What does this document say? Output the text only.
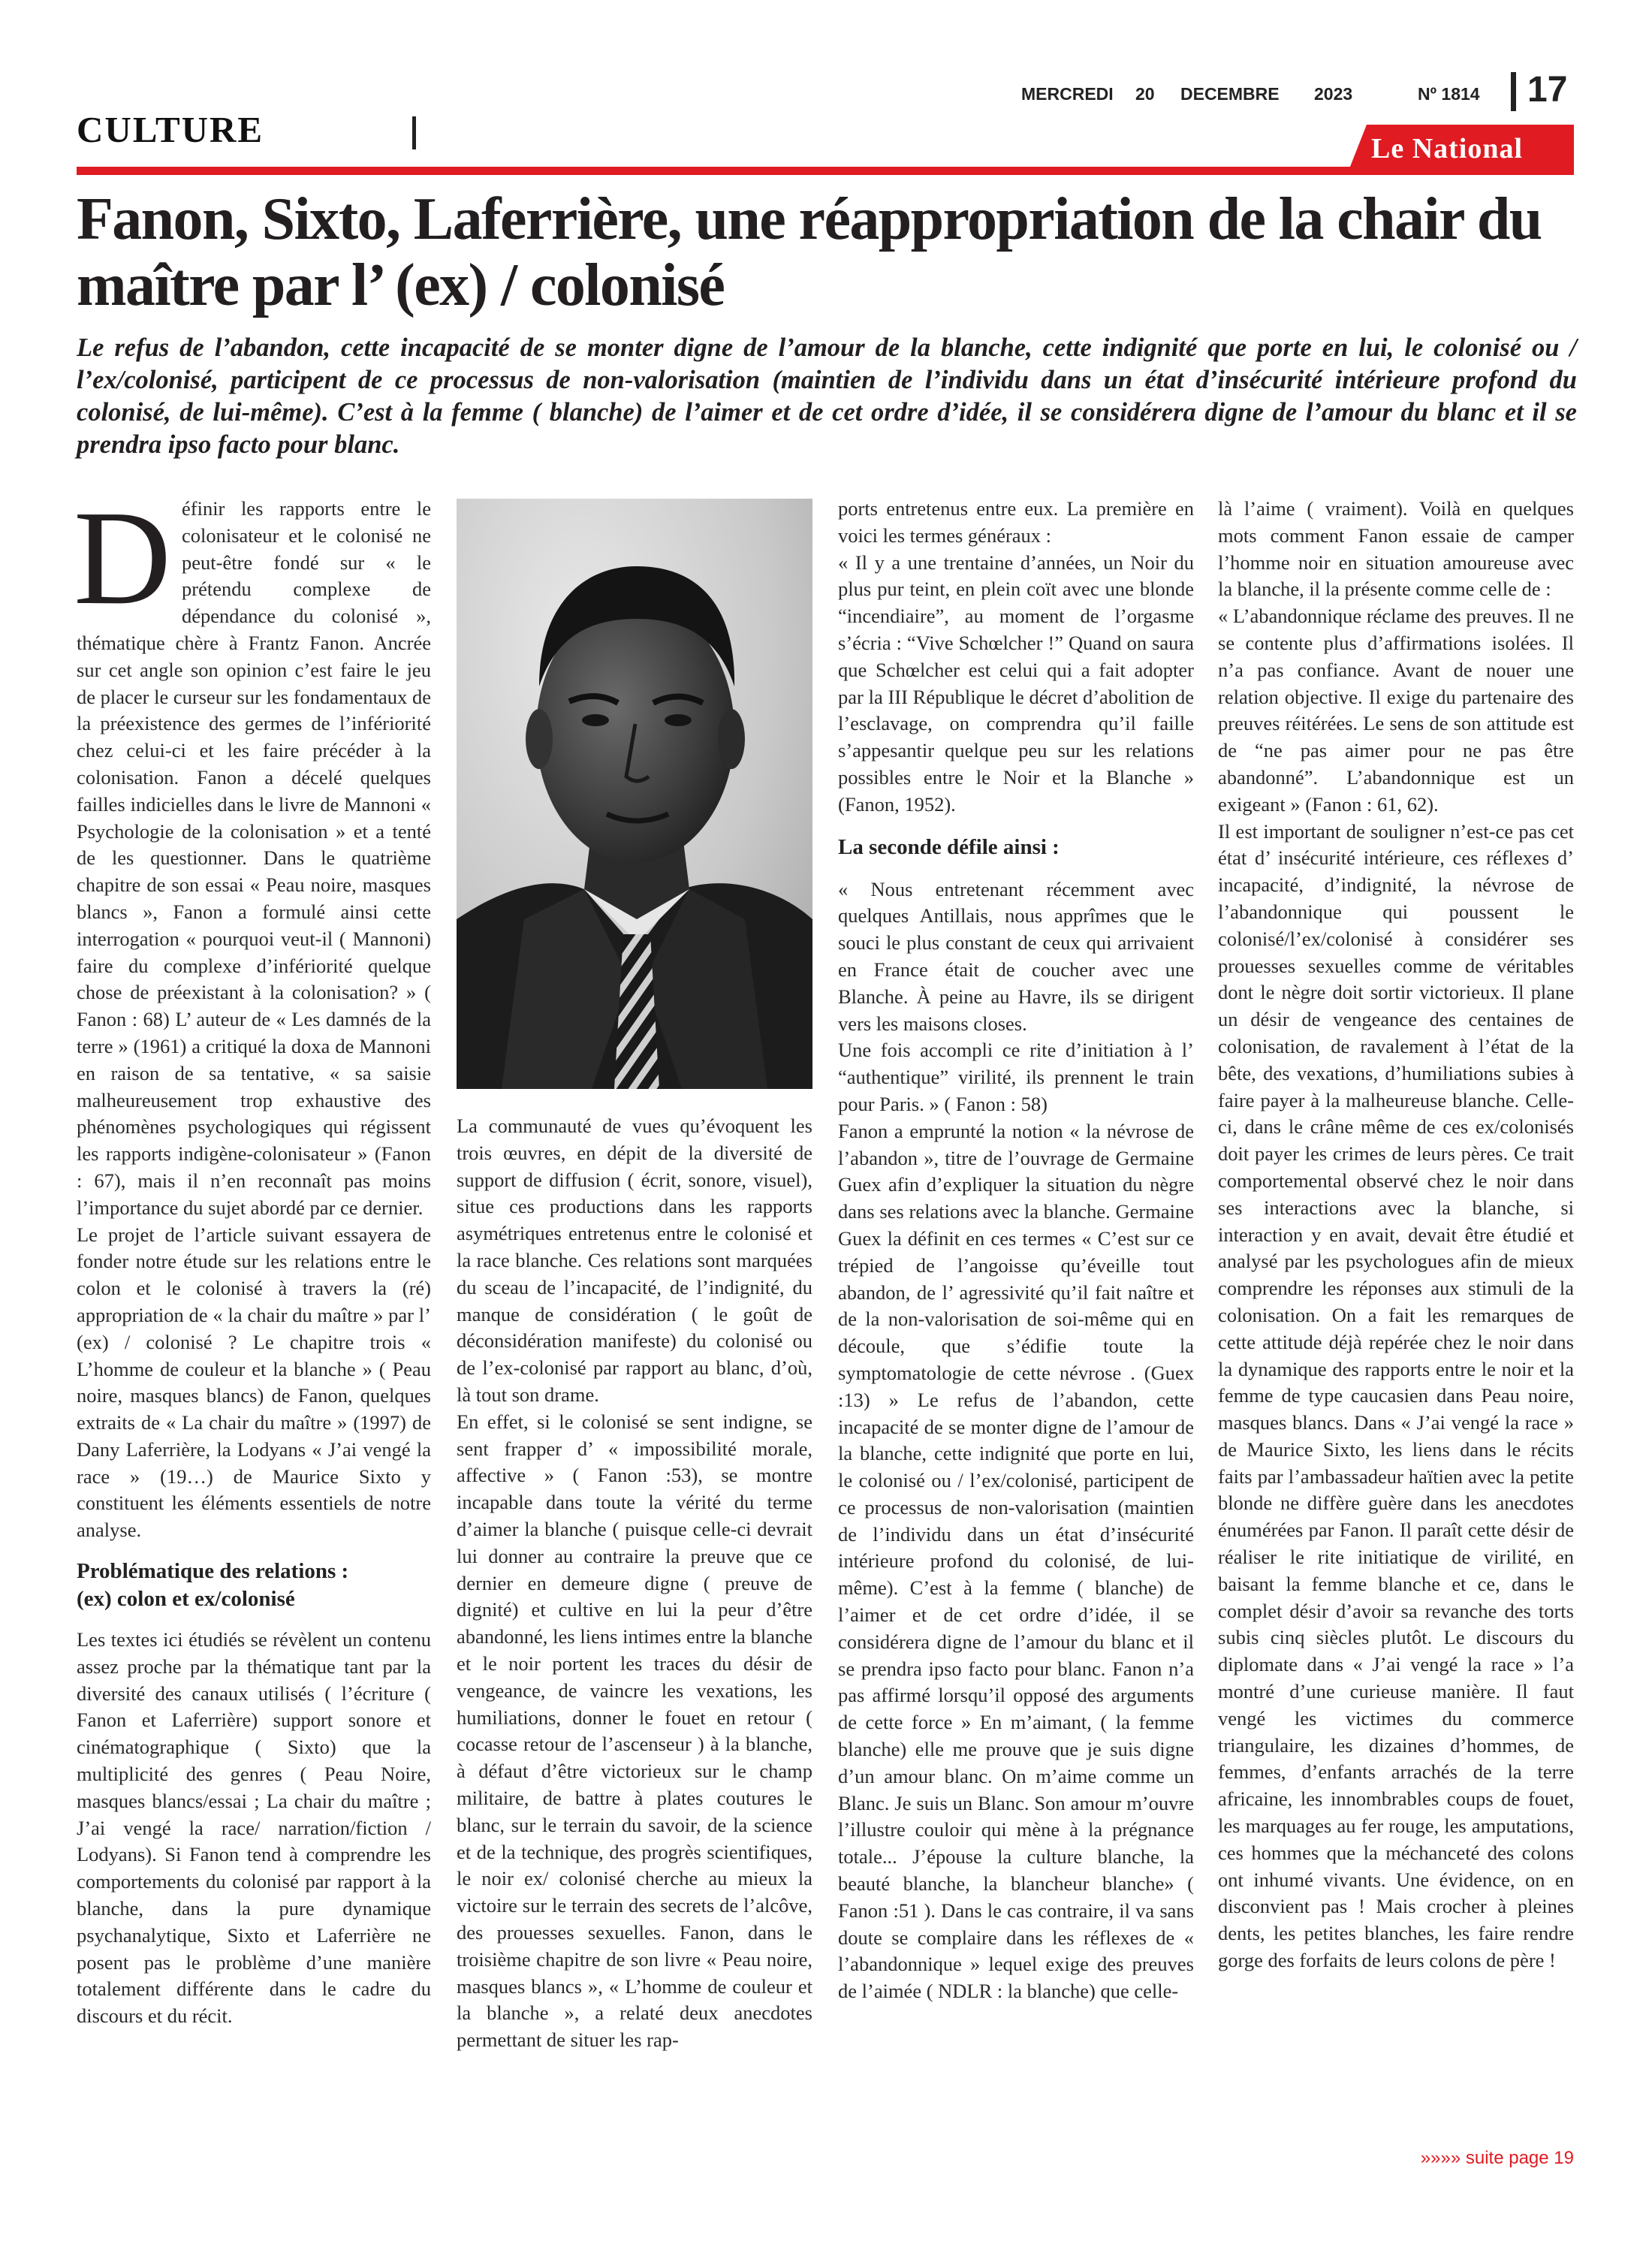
MERCREDI 20 DECEMBRE 2023	Nº 1814 17
CULTURE	Le National
Fanon, Sixto, Laferrière, une réappropriation de la chair du maître par l’ (ex) / colonisé

Le refus de l’abandon, cette incapacité de se monter digne de l’amour de la blanche, cette indignité que porte en lui, le colonisé ou / l’ex/colonisé, participent de ce processus de non-valorisation (maintien de l’individu dans un état d’insécurité intérieure profond du colonisé, de lui-même). C’est à la femme ( blanche) de l’aimer et de cet ordre d’idée, il se considérera digne de l’amour du blanc et il se prendra ipso facto pour blanc.

D éfinir les rapports entre le colonisateur et le colonisé ne peut-être fondé sur « le prétendu complexe de dépendance du colonisé », thématique chère à Frantz Fanon. Ancrée sur cet angle son opinion c’est faire le jeu de placer le curseur sur les fondamentaux de la préexistence des germes de l’infériorité chez celui-ci et les faire précéder à la colonisation. Fanon a décelé quelques failles indicielles dans le livre de Mannoni « Psychologie de la colonisation » et a tenté de les questionner. Dans le quatrième chapitre de son essai « Peau noire, masques blancs », Fanon a formulé ainsi cette interrogation « pourquoi veut-il ( Mannoni) faire du complexe d’infériorité quelque chose de préexistant à la colonisation? » ( Fanon : 68) L’ auteur de « Les damnés de la terre » (1961) a critiqué la doxa de Mannoni en raison de sa tentative, « sa saisie malheureusement trop exhaustive des phénomènes psychologiques qui régissent les rapports indigène-colonisateur » (Fanon : 67), mais il n’en reconnaît pas moins l’importance du sujet abordé par ce dernier.

Le projet de l’article suivant essayera de fonder notre étude sur les relations entre le colon et le colonisé à travers la (ré) appropriation de « la chair du maître » par l’ (ex) / colonisé ? Le chapitre trois « L’homme de couleur et la blanche » ( Peau noire, masques blancs) de Fanon, quelques extraits de « La chair du maître » (1997) de Dany Laferrière, la Lodyans « J’ai vengé la race » (19…) de Maurice Sixto y constituent les éléments essentiels de notre analyse.

Problématique des relations :
(ex) colon et ex/colonisé

Les textes ici étudiés se révèlent un contenu assez proche par la thématique tant par la diversité des canaux utilisés ( l’écriture ( Fanon et Laferrière) support sonore et cinématographique ( Sixto) que la multiplicité des genres ( Peau Noire, masques blancs/essai ; La chair du maître ; J’ai vengé la race/ narration/fiction / Lodyans). Si Fanon tend à comprendre les comportements du colonisé par rapport à la blanche, dans la pure dynamique psychanalytique, Sixto et Laferrière ne posent pas le problème d’une manière totalement différente dans le cadre du discours et du récit.

La communauté de vues qu’évoquent les trois œuvres, en dépit de la diversité de support de diffusion ( écrit, sonore, visuel), situe ces productions dans les rapports asymétriques entretenus entre le colonisé et la race blanche. Ces relations sont marquées du sceau de l’incapacité, de l’indignité, du manque de considération ( le goût de déconsidération manifeste) du colonisé ou de l’ex-colonisé par rapport au blanc, d’où, là tout son drame.

En effet, si le colonisé se sent indigne, se sent frapper d’ « impossibilité morale, affective » ( Fanon :53), se montre incapable dans toute la vérité du terme d’aimer la blanche ( puisque celle-ci devrait lui donner au contraire la preuve que ce dernier en demeure digne ( preuve de dignité) et cultive en lui la peur d’être abandonné, les liens intimes entre la blanche et le noir portent les traces du désir de vengeance, de vaincre les vexations, les humiliations, donner le fouet en retour ( cocasse retour de l’ascenseur ) à la blanche, à défaut d’être victorieux sur le champ militaire, de battre à plates coutures le blanc, sur le terrain du savoir, de la science et de la technique, des progrès scientifiques, le noir ex/ colonisé cherche au mieux la victoire sur le terrain des secrets de l’alcôve, des prouesses sexuelles. Fanon, dans le troisième chapitre de son livre « Peau noire, masques blancs », « L’homme de couleur et la blanche », a relaté deux anecdotes permettant de situer les rap-

ports entretenus entre eux. La première en voici les termes généraux :

« Il y a une trentaine d’années, un Noir du plus pur teint, en plein coït avec une blonde “incendiaire”, au moment de l’orgasme s’écria : “Vive Schœlcher !” Quand on saura que Schœlcher est celui qui a fait adopter par la III République le décret d’abolition de l’esclavage, on comprendra qu’il faille s’appesantir quelque peu sur les relations possibles entre le Noir et la Blanche » (Fanon, 1952).

La seconde défile ainsi :

« Nous entretenant récemment avec quelques Antillais, nous apprîmes que le souci le plus constant de ceux qui arrivaient en France était de coucher avec une Blanche. À peine au Havre, ils se dirigent vers les maisons closes.

Une fois accompli ce rite d’initiation à l’ “authentique” virilité, ils prennent le train pour Paris. » ( Fanon : 58)

Fanon a emprunté la notion « la névrose de l’abandon », titre de l’ouvrage de Germaine Guex afin d’expliquer la situation du nègre dans ses relations avec la blanche. Germaine Guex la définit en ces termes « C’est sur ce trépied de l’angoisse qu’éveille tout abandon, de l’ agressivité qu’il fait naître et de la non-valorisation de soi-même qui en découle, que s’édifie toute la symptomatologie de cette névrose . (Guex :13) » Le refus de l’abandon, cette incapacité de se monter digne de l’amour de la blanche, cette indignité que porte en lui, le colonisé ou / l’ex/colonisé, participent de ce processus de non-valorisation (maintien de l’individu dans un état d’insécurité intérieure profond du colonisé, de lui-même). C’est à la femme ( blanche) de l’aimer et de cet ordre d’idée, il se considérera digne de l’amour du blanc et il se prendra ipso facto pour blanc. Fanon n’a pas affirmé lorsqu’il opposé des arguments de cette force » En m’aimant, ( la femme blanche) elle me prouve que je suis digne d’un amour blanc. On m’aime comme un Blanc. Je suis un Blanc. Son amour m’ouvre l’illustre couloir qui mène à la prégnance totale... J’épouse la culture blanche, la beauté blanche, la blancheur blanche» ( Fanon :51 ). Dans le cas contraire, il va sans doute se complaire dans les réflexes de « l’abandonnique » lequel exige des preuves de l’aimée ( NDLR : la blanche) que celle-

là l’aime ( vraiment). Voilà en quelques mots comment Fanon essaie de camper l’homme noir en situation amoureuse avec la blanche, il la présente comme celle de :

« L’abandonnique réclame des preuves. Il ne se contente plus d’affirmations isolées. Il n’a pas confiance. Avant de nouer une relation objective. Il exige du partenaire des preuves réitérées. Le sens de son attitude est de “ne pas aimer pour ne pas être abandonné”. L’abandonnique est un exigeant » (Fanon : 61, 62).

Il est important de souligner n’est-ce pas cet état d’ insécurité intérieure, ces réflexes d’ incapacité, d’indignité, la névrose de l’abandonnique qui poussent le colonisé/l’ex/colonisé à considérer ses prouesses sexuelles comme de véritables dont le nègre doit sortir victorieux. Il plane un désir de vengeance des centaines de colonisation, de ravalement à l’état de la bête, des vexations, d’humiliations subies à faire payer à la malheureuse blanche. Celle-ci, dans le crâne même de ces ex/colonisés doit payer les crimes de leurs pères. Ce trait comportemental observé chez le noir dans ses interactions avec la blanche, si interaction y en avait, devait être étudié et analysé par les psychologues afin de mieux comprendre les réponses aux stimuli de la colonisation. On a fait les remarques de cette attitude déjà repérée chez le noir dans la dynamique des rapports entre le noir et la femme de type caucasien dans Peau noire, masques blancs. Dans « J’ai vengé la race » de Maurice Sixto, les liens dans le récits faits par l’ambassadeur haïtien avec la petite blonde ne diffère guère dans les anecdotes énumérées par Fanon. Il paraît cette désir de réaliser le rite initiatique de virilité, en baisant la femme blanche et ce, dans le complet désir d’avoir sa revanche des torts subis cinq siècles plutôt. Le discours du diplomate dans « J’ai vengé la race » l’a montré d’une curieuse manière. Il faut vengé les victimes du commerce triangulaire, les dizaines d’hommes, de femmes, d’enfants arrachés de la terre africaine, les innombrables coups de fouet, les marquages au fer rouge, les amputations, ces hommes que la méchanceté des colons ont inhumé vivants. Une évidence, on en disconvient pas ! Mais crocher à pleines dents, les petites blanches, les faire rendre gorge des forfaits de leurs colons de père !

»»»» suite page 19
